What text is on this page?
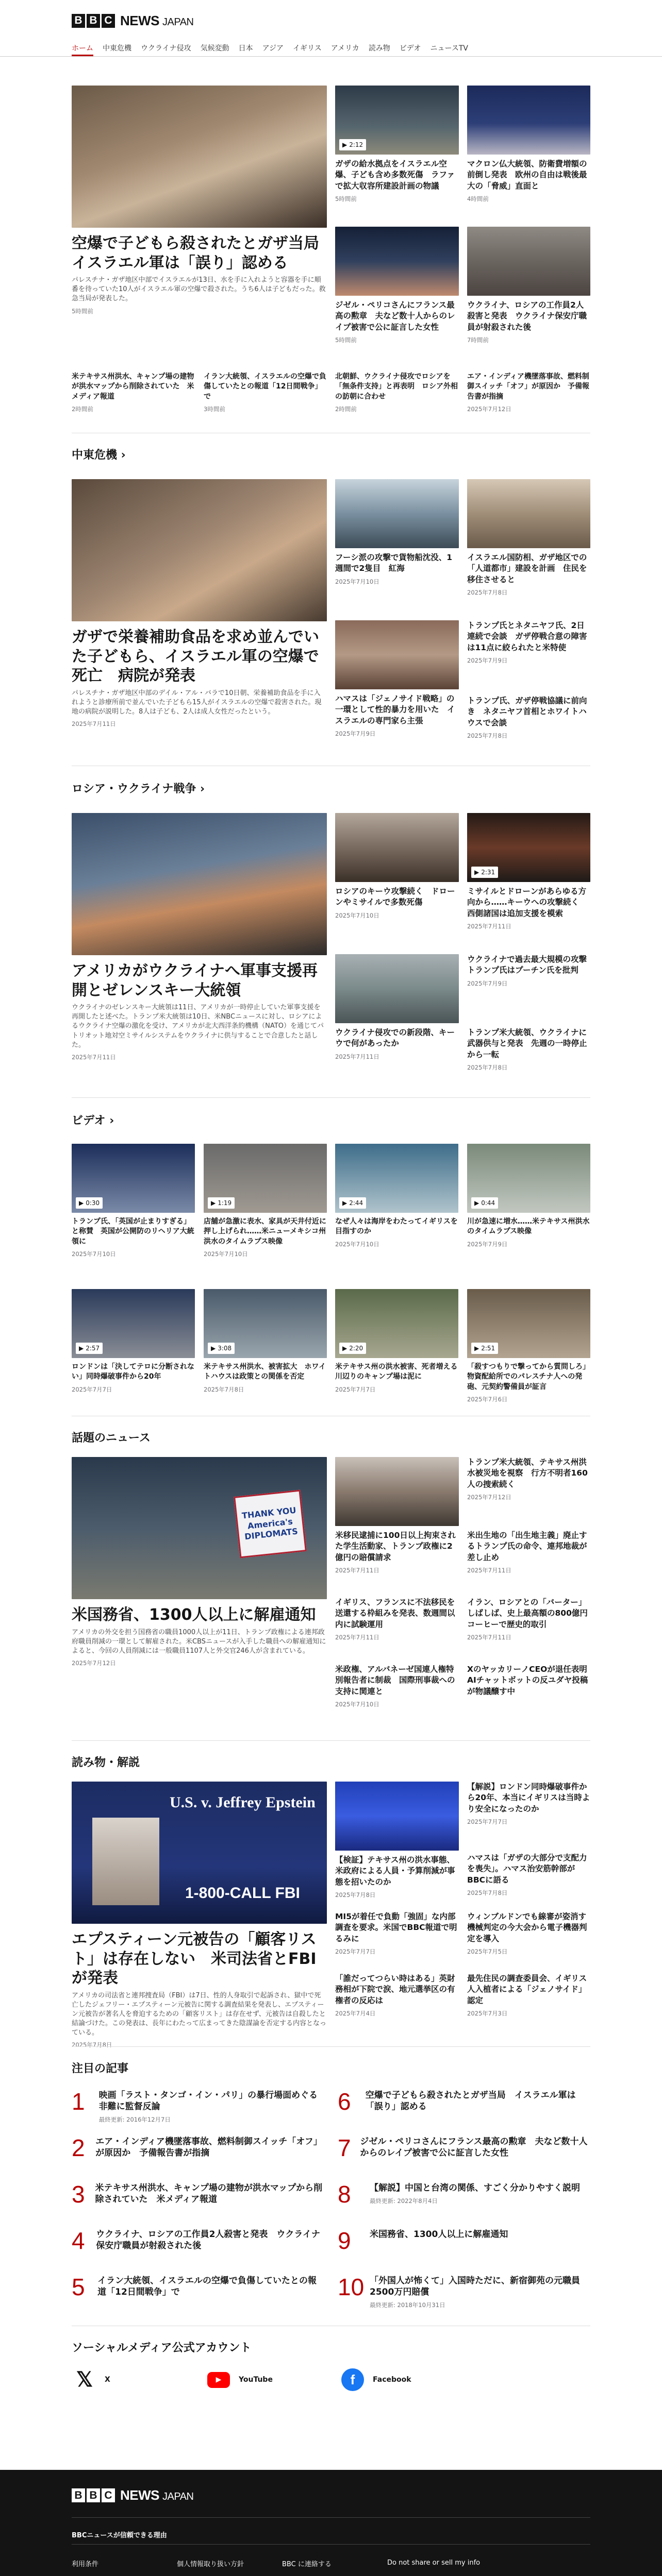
B B C NEWS JAPAN
ホーム 中東危機 ウクライナ侵攻 気候変動 日本 アジア イギリス アメリカ 読み物 ビデオ ニュースTV
空爆で子どもら殺されたとガザ当局　イスラエル軍は「誤り」認める
パレスチナ・ガザ地区中部でイスラエルが13日、水を手に入れようと容器を手に順番を待っていた10人がイスラエル軍の空爆で殺された。うち6人は子どもだった。救急当局が発表した。
5時間前
▶ 2:12
ガザの給水拠点をイスラエル空爆、子ども含め多数死傷　ラファで拡大収容所建設計画の物議
5時間前
マクロン仏大統領、防衛費増額の前倒し発表　欧州の自由は戦後最大の「脅威」直面と
4時間前
ジゼル・ペリコさんにフランス最高の勲章　夫など数十人からのレイプ被害で公に証言した女性
5時間前
ウクライナ、ロシアの工作員2人殺害と発表　ウクライナ保安庁職員が射殺された後
7時間前
米テキサス州洪水、キャンプ場の建物が洪水マップから削除されていた　米メディア報道
2時間前
イラン大統領、イスラエルの空爆で負傷していたとの報道「12日間戦争」で
3時間前
北朝鮮、ウクライナ侵攻でロシアを「無条件支持」と再表明　ロシア外相の訪朝に合わせ
2時間前
エア・インディア機墜落事故、燃料制御スイッチ「オフ」が原因か　予備報告書が指摘
2025年7月12日
中東危機 ›
ガザで栄養補助食品を求め並んでいた子どもら、イスラエル軍の空爆で死亡　病院が発表
パレスチナ・ガザ地区中部のデイル・アル・バラで10日朝、栄養補助食品を手に入れようと診療所前で並んでいた子どもら15人がイスラエルの空爆で殺害された。現地の病院が説明した。8人は子ども、2人は成人女性だったという。
2025年7月11日
フーシ派の攻撃で貨物船沈没、1週間で2隻目　紅海
2025年7月10日
イスラエル国防相、ガザ地区での「人道都市」建設を計画　住民を移住させると
2025年7月8日
ハマスは「ジェノサイド戦略」の一環として性的暴力を用いた　イスラエルの専門家ら主張
2025年7月9日
トランプ氏とネタニヤフ氏、2日連続で会談　ガザ停戦合意の障害は11点に絞られたと米特使
2025年7月9日
トランプ氏、ガザ停戦協議に前向き　ネタニヤフ首相とホワイトハウスで会談
2025年7月8日
ロシア・ウクライナ戦争 ›
アメリカがウクライナへ軍事支援再開とゼレンスキー大統領
ウクライナのゼレンスキー大統領は11日、アメリカが一時停止していた軍事支援を再開したと述べた。トランプ米大統領は10日、米NBCニュースに対し、ロシアによるウクライナ空爆の激化を受け、アメリカが北大西洋条約機構（NATO）を通じてパトリオット地対空ミサイルシステムをウクライナに供与することで合意したと話した。
2025年7月11日
ロシアのキーウ攻撃続く　ドローンやミサイルで多数死傷
2025年7月10日
▶ 2:31
ミサイルとドローンがあらゆる方向から……キーウへの攻撃続く　西側諸国は追加支援を模索
2025年7月11日
ウクライナ侵攻での新段階、キーウで何があったか
2025年7月11日
ウクライナで過去最大規模の攻撃　トランプ氏はプーチン氏を批判
2025年7月9日
トランプ米大統領、ウクライナに武器供与と発表　先週の一時停止から一転
2025年7月8日
ビデオ ›
▶ 0:30
トランプ氏、「英国が止まりすぎる」と称賛　英国が公開防のリヘリア大統領に
2025年7月10日
▶ 1:19
店舗が急激に表水、家具が天井付近に押し上げられ……米ニューメキシコ州洪水のタイムラプス映像
2025年7月10日
▶ 2:44
なぜ人々は海岸をわたってイギリスを目指すのか
2025年7月10日
▶ 0:44
川が急速に増水……米テキサス州洪水のタイムラプス映像
2025年7月9日
▶ 2:57
ロンドンは「決してテロに分断されない」同時爆破事件から20年
2025年7月7日
▶ 3:08
米テキサス州洪水、被害拡大　ホワイトハウスは政策との関係を否定
2025年7月8日
▶ 2:20
米テキサス州の洪水被害、死者増える　川辺りのキャンプ場は泥に
2025年7月7日
▶ 2:51
「殺すつもりで撃ってから質問しろ」物資配給所でのパレスチナ人への発砲、元契約警備員が証言
2025年7月6日
話題のニュース
THANK YOU America's DIPLOMATS
米国務省、1300人以上に解雇通知
アメリカの外交を担う国務省の職員1000人以上が11日、トランプ政権による連邦政府職員削減の一環として解雇された。米CBSニュースが入手した職員への解雇通知によると、今回の人員削減には一般職員1107人と外交官246人が含まれている。
2025年7月12日
米移民逮捕に100日以上拘束された学生活動家、トランプ政権に2億円の賠償請求
2025年7月11日
トランプ米大統領、テキサス州洪水被災地を視察　行方不明者160人の捜索続く
2025年7月12日
イギリス、フランスに不法移民を送還する枠組みを発表、数週間以内に試験運用
2025年7月11日
米出生地の「出生地主義」廃止するトランプ氏の命令、連邦地裁が差し止め
2025年7月11日
米政権、アルバネーゼ国連人権特別報告者に制裁　国際刑事裁への支持に関連と
2025年7月10日
イラン、ロシアとの「バーター」しばしば、史上最高額の800億円コーヒーで歴史的取引
2025年7月11日
XのヤッカリーノCEOが退任表明　AIチャットボットの反ユダヤ投稿が物議醸す中
読み物・解説
U.S. v. Jeffrey Epstein
1-800-CALL FBI
エプスティーン元被告の「顧客リスト」は存在しない　米司法省とFBIが発表
アメリカの司法省と連邦捜査局（FBI）は7日、性的人身取引で起訴され、獄中で死亡したジェフリー・エプスティーン元被告に関する調査結果を発表し、エプスティーン元被告が著名人を脅迫するための「顧客リスト」は存在せず、元被告は自殺したと結論づけた。この発表は、長年にわたって広まってきた陰謀論を否定する内容となっている。
2025年7月8日
【検証】テキサス州の洪水事態、米政府による人員・予算削減が事態を招いたのか
2025年7月8日
【解説】ロンドン同時爆破事件から20年、本当にイギリスは当時より安全になったのか
2025年7月7日
MI5が着任で負動「強固」な内部調査を要求。米国でBBC報道で明るみに
2025年7月7日
ハマスは「ガザの大部分で支配力を喪失」。ハマス治安筋幹部がBBCに語る
2025年7月8日
「誰だってつらい時はある」英財務相が下院で涙、地元選挙区の有権者の反応は
2025年7月4日
ウィンブルドンでも線審が姿消す　機械判定の今大会から電子機器判定を導入
2025年7月5日
最先住民の調査委員会、イギリス人入植者による「ジェノサイド」認定
2025年7月3日
注目の記事
1	映画「ラスト・タンゴ・イン・パリ」の暴行場面めぐる非難に監督反論
最終更新: 2016年12月7日
2	エア・インディア機墜落事故、燃料制御スイッチ「オフ」が原因か　予備報告書が指摘
3	米テキサス州洪水、キャンプ場の建物が洪水マップから削除されていた　米メディア報道
4	ウクライナ、ロシアの工作員2人殺害と発表　ウクライナ保安庁職員が射殺された後
5	イラン大統領、イスラエルの空爆で負傷していたとの報道「12日間戦争」で
6	空爆で子どもら殺されたとガザ当局　イスラエル軍は「誤り」認める
7 ジゼル・ペリコさんにフランス最高の勲章　夫など数十人からのレイプ被害で公に証言した女性
8	【解説】中国と台湾の関係、すごく分かりやすく説明
最終更新: 2022年8月4日
9	米国務省、1300人以上に解雇通知
10 「外国人が怖くて」入国時ただに、新宿御苑の元職員　2500万円賠償
最終更新: 2018年10月31日
ソーシャルメディア公式アカウント
𝕏	X	▶	YouTube	f	Facebook
B B C NEWS JAPAN
BBCニュースが信頼できる理由
利用条件	個人情報取り扱い方針	BBC に連絡する	Do not share or sell my info
